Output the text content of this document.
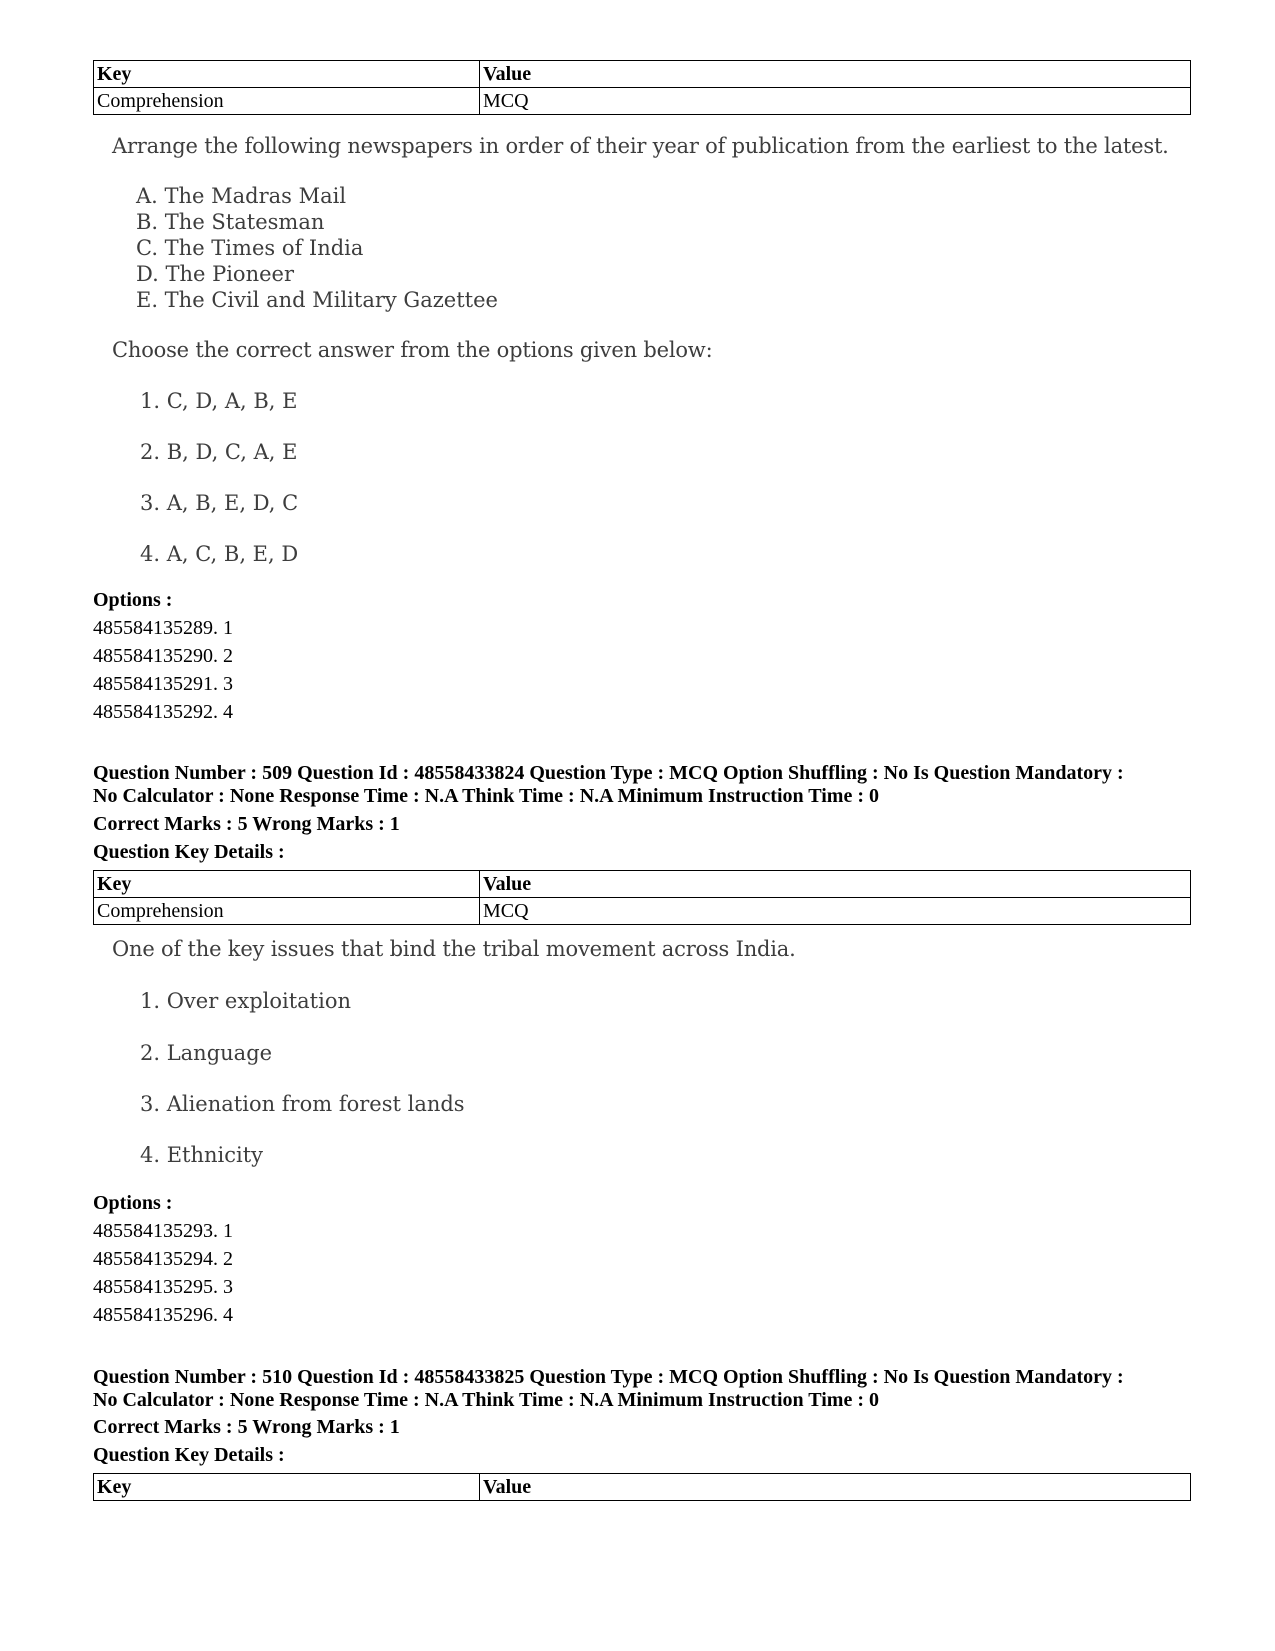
Key	Value
Comprehension	MCQ
Arrange the following newspapers in order of their year of publication from the earliest to the latest.
A. The Madras Mail
B. The Statesman
C. The Times of India
D. The Pioneer
E. The Civil and Military Gazettee
Choose the correct answer from the options given below:
1. C, D, A, B, E
2. B, D, C, A, E
3. A, B, E, D, C
4. A, C, B, E, D
Options :
485584135289. 1
485584135290. 2
485584135291. 3
485584135292. 4
Question Number : 509 Question Id : 48558433824 Question Type : MCQ Option Shuffling : No Is Question Mandatory :
No Calculator : None Response Time : N.A Think Time : N.A Minimum Instruction Time : 0
Correct Marks : 5 Wrong Marks : 1
Question Key Details :
Key	Value
Comprehension	MCQ
One of the key issues that bind the tribal movement across India.
1. Over exploitation
2. Language
3. Alienation from forest lands
4. Ethnicity
Options :
485584135293. 1
485584135294. 2
485584135295. 3
485584135296. 4
Question Number : 510 Question Id : 48558433825 Question Type : MCQ Option Shuffling : No Is Question Mandatory :
No Calculator : None Response Time : N.A Think Time : N.A Minimum Instruction Time : 0
Correct Marks : 5 Wrong Marks : 1
Question Key Details :
Key	Value
